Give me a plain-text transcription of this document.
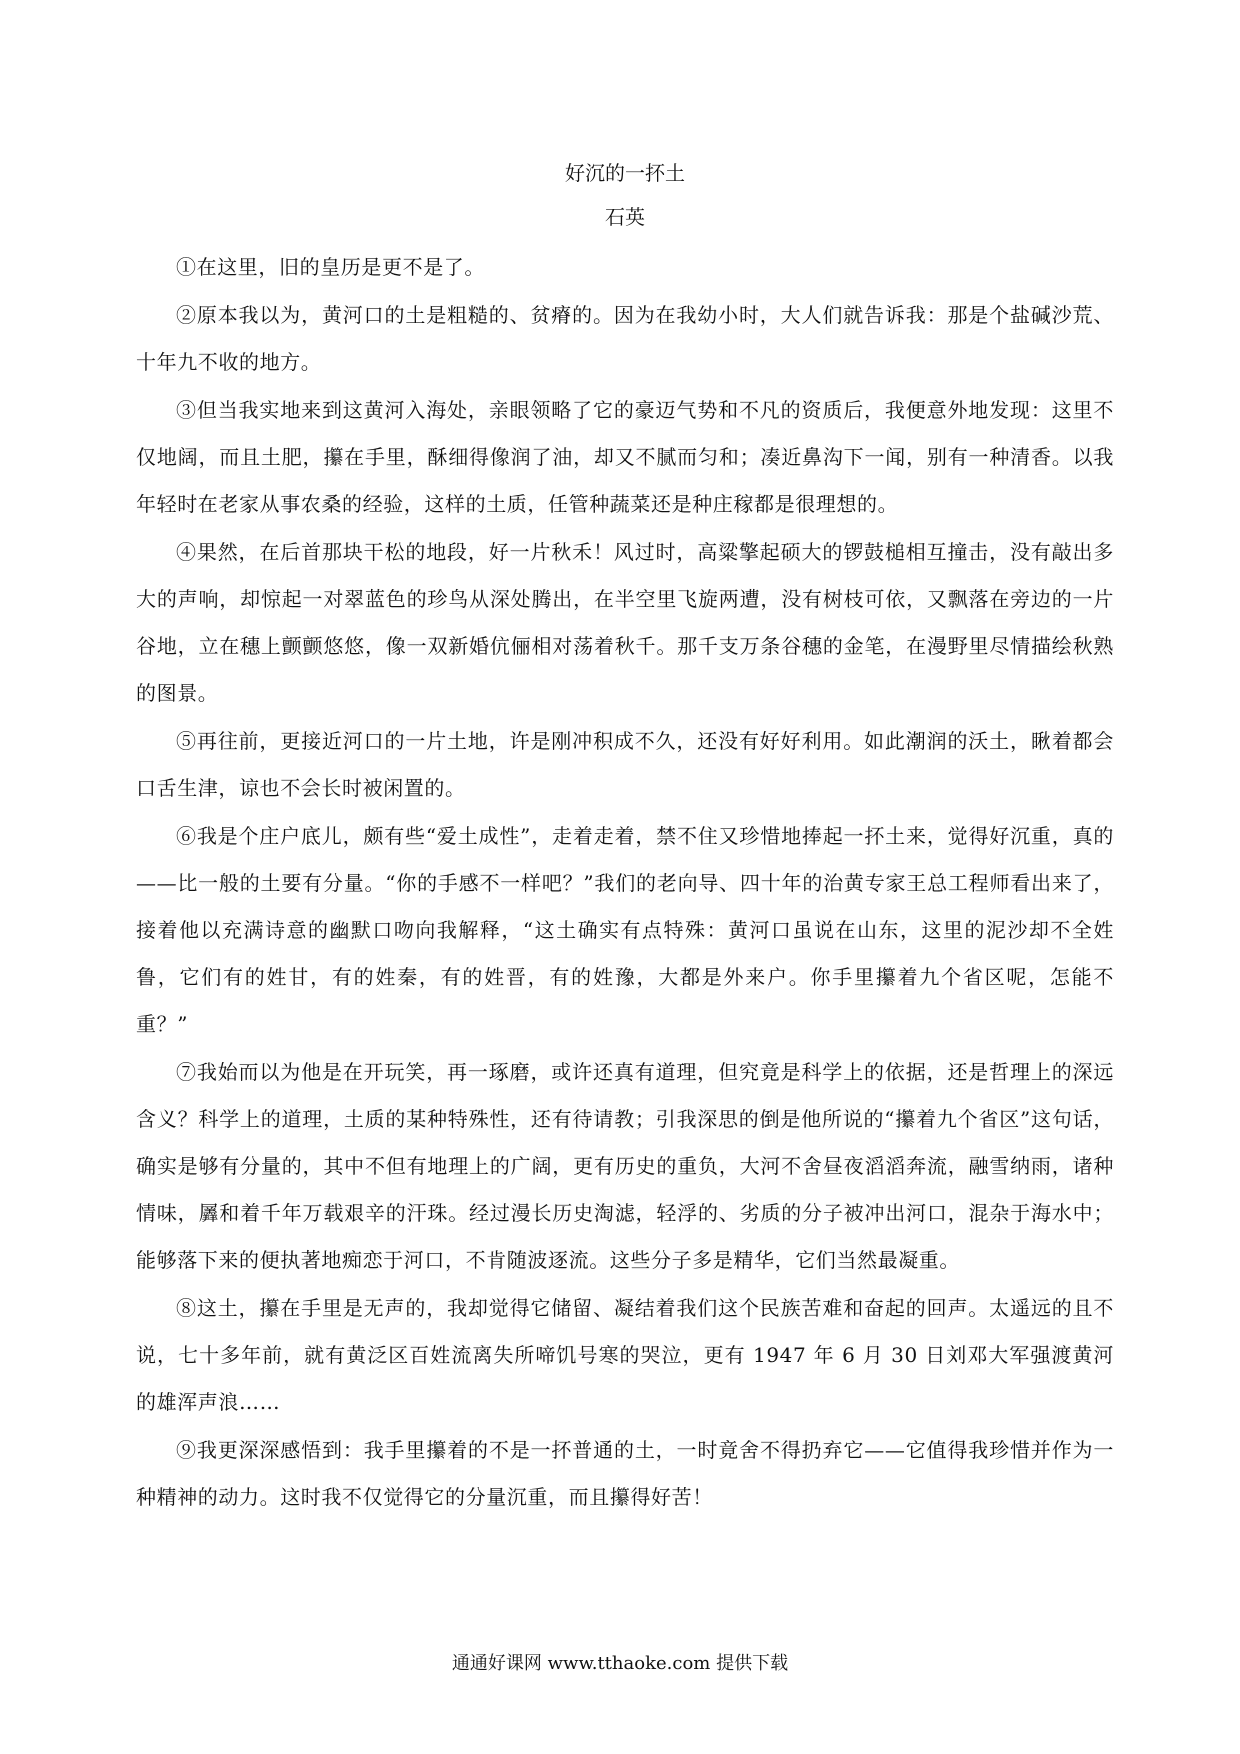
好沉的一抔土
石英

①在这里，旧的皇历是更不是了。

②原本我以为，黄河口的土是粗糙的、贫瘠的。因为在我幼小时，大人们就告诉我：那是个盐碱沙荒、十年九不收的地方。

③但当我实地来到这黄河入海处，亲眼领略了它的豪迈气势和不凡的资质后，我便意外地发现：这里不仅地阔，而且土肥，攥在手里，酥细得像润了油，却又不腻而匀和；凑近鼻沟下一闻，别有一种清香。以我年轻时在老家从事农桑的经验，这样的土质，任管种蔬菜还是种庄稼都是很理想的。

④果然，在后首那块干松的地段，好一片秋禾！风过时，高粱擎起硕大的锣鼓槌相互撞击，没有敲出多大的声响，却惊起一对翠蓝色的珍鸟从深处腾出，在半空里飞旋两遭，没有树枝可依，又飘落在旁边的一片谷地，立在穗上颤颤悠悠，像一双新婚伉俪相对荡着秋千。那千支万条谷穗的金笔，在漫野里尽情描绘秋熟的图景。

⑤再往前，更接近河口的一片土地，许是刚冲积成不久，还没有好好利用。如此潮润的沃土，瞅着都会口舌生津，谅也不会长时被闲置的。

⑥我是个庄户底儿，颇有些“爱土成性”，走着走着，禁不住又珍惜地捧起一抔土来，觉得好沉重，真的——比一般的土要有分量。“你的手感不一样吧？”我们的老向导、四十年的治黄专家王总工程师看出来了，接着他以充满诗意的幽默口吻向我解释，“这土确实有点特殊：黄河口虽说在山东，这里的泥沙却不全姓鲁，它们有的姓甘，有的姓秦，有的姓晋，有的姓豫，大都是外来户。你手里攥着九个省区呢，怎能不重？”

⑦我始而以为他是在开玩笑，再一琢磨，或许还真有道理，但究竟是科学上的依据，还是哲理上的深远含义？科学上的道理，土质的某种特殊性，还有待请教；引我深思的倒是他所说的“攥着九个省区”这句话，确实是够有分量的，其中不但有地理上的广阔，更有历史的重负，大河不舍昼夜滔滔奔流，融雪纳雨，诸种情味，羼和着千年万载艰辛的汗珠。经过漫长历史淘滤，轻浮的、劣质的分子被冲出河口，混杂于海水中；能够落下来的便执著地痴恋于河口，不肯随波逐流。这些分子多是精华，它们当然最凝重。

⑧这土，攥在手里是无声的，我却觉得它储留、凝结着我们这个民族苦难和奋起的回声。太遥远的且不说，七十多年前，就有黄泛区百姓流离失所啼饥号寒的哭泣，更有 1947 年 6 月 30 日刘邓大军强渡黄河的雄浑声浪……

⑨我更深深感悟到：我手里攥着的不是一抔普通的土，一时竟舍不得扔弃它——它值得我珍惜并作为一种精神的动力。这时我不仅觉得它的分量沉重，而且攥得好苦！

通通好课网 www.tthaoke.com 提供下载
